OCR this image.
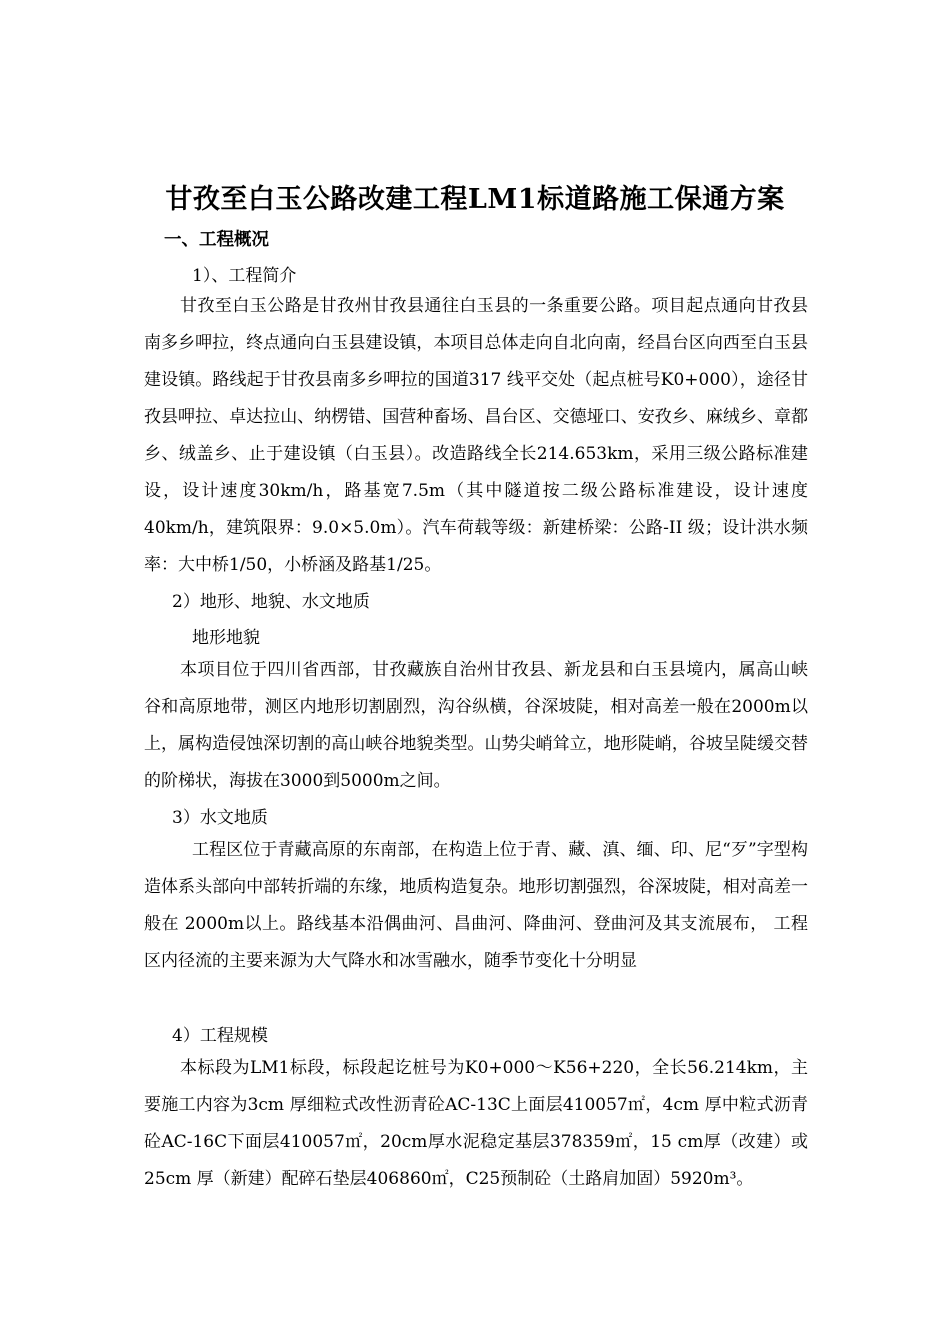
甘孜至白玉公路改建工程LM1标道路施工保通方案
一、工程概况
1）、工程简介
甘孜至白玉公路是甘孜州甘孜县通往白玉县的一条重要公路。项目起点通向甘孜县南多乡呷拉，终点通向白玉县建设镇，本项目总体走向自北向南，经昌台区向西至白玉县建设镇。路线起于甘孜县南多乡呷拉的国道317 线平交处（起点桩号K0+000），途径甘孜县呷拉、卓达拉山、纳楞错、国营种畜场、昌台区、交德垭口、安孜乡、麻绒乡、章都乡、绒盖乡、止于建设镇（白玉县）。改造路线全长214.653km，采用三级公路标准建设，设计速度30km/h，路基宽7.5m（其中隧道按二级公路标准建设，设计速度40km/h，建筑限界：9.0×5.0m）。汽车荷载等级：新建桥梁：公路-II 级；设计洪水频率：大中桥1/50，小桥涵及路基1/25。
2）地形、地貌、水文地质
地形地貌
本项目位于四川省西部，甘孜藏族自治州甘孜县、新龙县和白玉县境内，属高山峡谷和高原地带，测区内地形切割剧烈，沟谷纵横，谷深坡陡，相对高差一般在2000m以上，属构造侵蚀深切割的高山峡谷地貌类型。山势尖峭耸立，地形陡峭，谷坡呈陡缓交替的阶梯状，海拔在3000到5000m之间。
3）水文地质
工程区位于青藏高原的东南部，在构造上位于青、藏、滇、缅、印、尼“歹”字型构造体系头部向中部转折端的东缘，地质构造复杂。地形切割强烈，谷深坡陡，相对高差一般在 2000m以上。路线基本沿偶曲河、昌曲河、降曲河、登曲河及其支流展布， 工程区内径流的主要来源为大气降水和冰雪融水，随季节变化十分明显
4）工程规模
本标段为LM1标段，标段起讫桩号为K0+000～K56+220，全长56.214km，主要施工内容为3cm 厚细粒式改性沥青砼AC-13C上面层410057㎡，4cm 厚中粒式沥青砼AC-16C下面层410057㎡，20cm厚水泥稳定基层378359㎡，15 cm厚（改建）或25cm 厚（新建）配碎石垫层406860㎡，C25预制砼（土路肩加固）5920m³。
